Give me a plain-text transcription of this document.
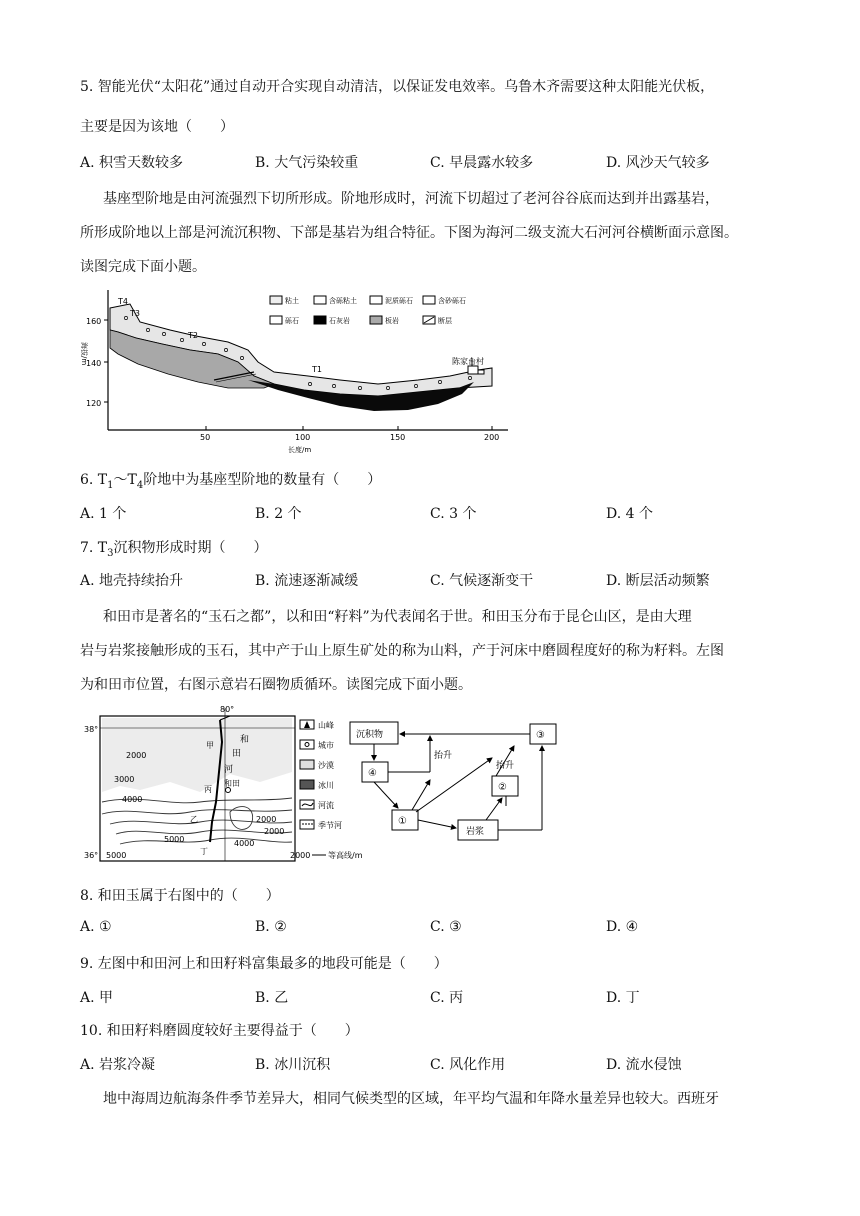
5. 智能光伏“太阳花”通过自动开合实现自动清洁，以保证发电效率。乌鲁木齐需要这种太阳能光伏板，
主要是因为该地（　　）
A. 积雪天数较多	B. 大气污染较重	C. 早晨露水较多	D. 风沙天气较多
基座型阶地是由河流强烈下切所形成。阶地形成时，河流下切超过了老河谷谷底而达到并出露基岩，
所形成阶地以上部是河流沉积物、下部是基岩为组合特征。下图为海河二级支流大石河河谷横断面示意图。
读图完成下面小题。
160
140
120
海拔/m
50	100	150	200
长度/m
T4
T3
T2
T1
陈家台村
粘土	含砾粘土	泥质砾石	含砂砾石
砾石	石灰岩	板岩	断层
6. $T_1\sim T_4$阶地中为基座型阶地的数量有（　　）
A. 1 个	B. 2 个	C. 3 个	D. 4 个
7. $T_3$沉积物形成时期（　　）
A. 地壳持续抬升	B. 流速逐渐减缓	C. 气候逐渐变干	D. 断层活动频繁
和田市是著名的“玉石之都”，以和田“籽料”为代表闻名于世。和田玉分布于昆仑山区，是由大理
岩与岩浆接触形成的玉石，其中产于山上原生矿处的称为山料，产于河床中磨圆程度好的称为籽料。左图
为和田市位置，右图示意岩石圈物质循环。读图完成下面小题。
38°
36°
80°
和
田
河
和田
2000
3000
4000
5000
2000
2000
4000
5000
甲
乙
丙
丁
山峰
城市
沙漠
冰川
河流
季节河
2000 等高线/m
沉积物	③
④
②
①
岩浆
抬升
抬升
8. 和田玉属于右图中的（　　）
A. ①	B. ②	C. ③	D. ④
9. 左图中和田河上和田籽料富集最多的地段可能是（　　）
A. 甲	B. 乙	C. 丙	D. 丁
10. 和田籽料磨圆度较好主要得益于（　　）
A. 岩浆冷凝	B. 冰川沉积	C. 风化作用	D. 流水侵蚀
地中海周边航海条件季节差异大，相同气候类型的区域，年平均气温和年降水量差异也较大。西班牙
